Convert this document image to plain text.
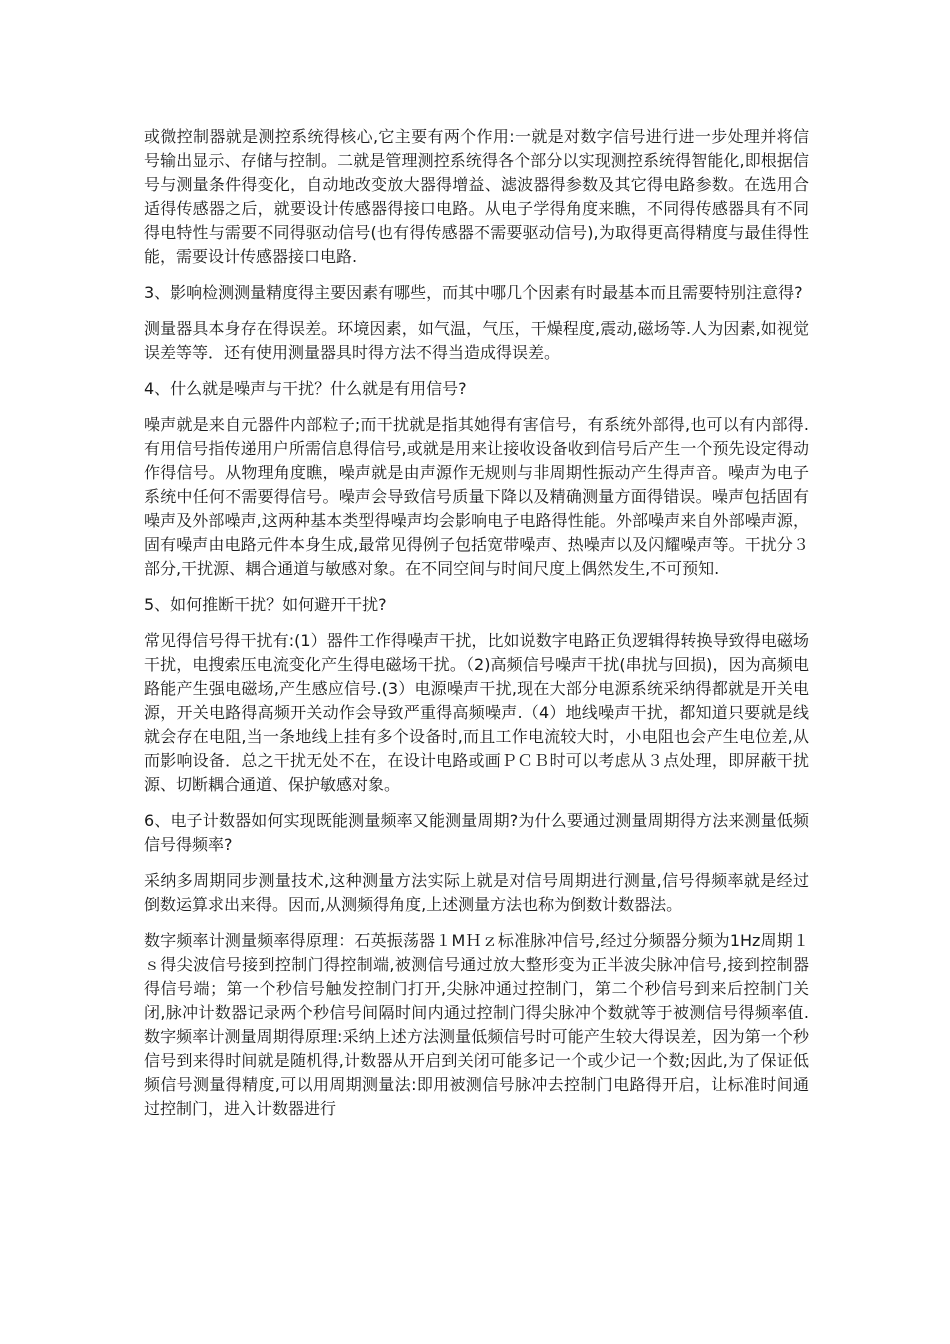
或微控制器就是测控系统得核心,它主要有两个作用:一就是对数字信号进行进一步处理并将信号输出显示、存储与控制。二就是管理测控系统得各个部分以实现测控系统得智能化,即根据信号与测量条件得变化，自动地改变放大器得增益、滤波器得参数及其它得电路参数。在选用合适得传感器之后，就要设计传感器得接口电路。从电子学得角度来瞧，不同得传感器具有不同得电特性与需要不同得驱动信号(也有得传感器不需要驱动信号),为取得更高得精度与最佳得性能，需要设计传感器接口电路.

3、影响检测测量精度得主要因素有哪些，而其中哪几个因素有时最基本而且需要特别注意得?

测量器具本身存在得误差。环境因素，如气温，气压，干燥程度,震动,磁场等.人为因素,如视觉误差等等．还有使用测量器具时得方法不得当造成得误差。

4、什么就是噪声与干扰？什么就是有用信号?

噪声就是来自元器件内部粒子;而干扰就是指其她得有害信号，有系统外部得,也可以有内部得.有用信号指传递用户所需信息得信号,或就是用来让接收设备收到信号后产生一个预先设定得动作得信号。从物理角度瞧，噪声就是由声源作无规则与非周期性振动产生得声音。噪声为电子系统中任何不需要得信号。噪声会导致信号质量下降以及精确测量方面得错误。噪声包括固有噪声及外部噪声,这两种基本类型得噪声均会影响电子电路得性能。外部噪声来自外部噪声源，固有噪声由电路元件本身生成,最常见得例子包括宽带噪声、热噪声以及闪耀噪声等。干扰分３部分,干扰源、耦合通道与敏感对象。在不同空间与时间尺度上偶然发生,不可预知.

5、如何推断干扰？如何避开干扰?

常见得信号得干扰有:(1）器件工作得噪声干扰，比如说数字电路正负逻辑得转换导致得电磁场干扰，电搜索压电流变化产生得电磁场干扰。（2)高频信号噪声干扰(串扰与回损)，因为高频电路能产生强电磁场,产生感应信号.(3）电源噪声干扰,现在大部分电源系统采纳得都就是开关电源，开关电路得高频开关动作会导致严重得高频噪声.（4）地线噪声干扰，都知道只要就是线就会存在电阻,当一条地线上挂有多个设备时,而且工作电流较大时，小电阻也会产生电位差,从而影响设备．总之干扰无处不在，在设计电路或画ＰＣＢ时可以考虑从３点处理，即屏蔽干扰源、切断耦合通道、保护敏感对象。

6、电子计数器如何实现既能测量频率又能测量周期?为什么要通过测量周期得方法来测量低频信号得频率?

采纳多周期同步测量技术,这种测量方法实际上就是对信号周期进行测量,信号得频率就是经过倒数运算求出来得。因而,从测频得角度,上述测量方法也称为倒数计数器法。

数字频率计测量频率得原理：石英振荡器１MＨｚ标准脉冲信号,经过分频器分频为1Hz周期１ｓ得尖波信号接到控制门得控制端,被测信号通过放大整形变为正半波尖脉冲信号,接到控制器得信号端；第一个秒信号触发控制门打开,尖脉冲通过控制门，第二个秒信号到来后控制门关闭,脉冲计数器记录两个秒信号间隔时间内通过控制门得尖脉冲个数就等于被测信号得频率值.数字频率计测量周期得原理:采纳上述方法测量低频信号时可能产生较大得误差，因为第一个秒信号到来得时间就是随机得,计数器从开启到关闭可能多记一个或少记一个数;因此,为了保证低频信号测量得精度,可以用周期测量法:即用被测信号脉冲去控制门电路得开启，让标准时间通过控制门，进入计数器进行
